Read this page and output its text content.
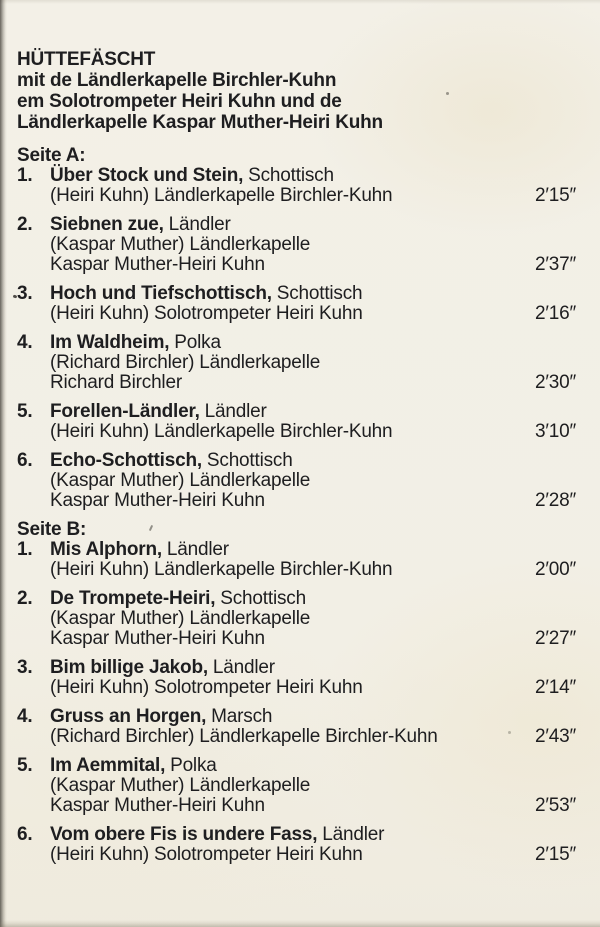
HÜTTEFÄSCHT
mit de Ländlerkapelle Birchler-Kuhn
em Solotrompeter Heiri Kuhn und de
Ländlerkapelle Kaspar Muther-Heiri Kuhn
Seite A:
1. Über Stock und Stein, Schottisch
(Heiri Kuhn) Ländlerkapelle Birchler-Kuhn	2′15″
2. Siebnen zue, Ländler
(Kaspar Muther) Ländlerkapelle
Kaspar Muther-Heiri Kuhn	2′37″
3. Hoch und Tiefschottisch, Schottisch
(Heiri Kuhn) Solotrompeter Heiri Kuhn	2′16″
4. Im Waldheim, Polka
(Richard Birchler) Ländlerkapelle
Richard Birchler	2′30″
5. Forellen-Ländler, Ländler
(Heiri Kuhn) Ländlerkapelle Birchler-Kuhn	3′10″
6. Echo-Schottisch, Schottisch
(Kaspar Muther) Ländlerkapelle
Kaspar Muther-Heiri Kuhn	2′28″
Seite B:
1. Mis Alphorn, Ländler
(Heiri Kuhn) Ländlerkapelle Birchler-Kuhn	2′00″
2. De Trompete-Heiri, Schottisch
(Kaspar Muther) Ländlerkapelle
Kaspar Muther-Heiri Kuhn	2′27″
3. Bim billige Jakob, Ländler
(Heiri Kuhn) Solotrompeter Heiri Kuhn	2′14″
4. Gruss an Horgen, Marsch
(Richard Birchler) Ländlerkapelle Birchler-Kuhn	2′43″
5. Im Aemmital, Polka
(Kaspar Muther) Ländlerkapelle
Kaspar Muther-Heiri Kuhn	2′53″
6. Vom obere Fis is undere Fass, Ländler
(Heiri Kuhn) Solotrompeter Heiri Kuhn	2′15″
